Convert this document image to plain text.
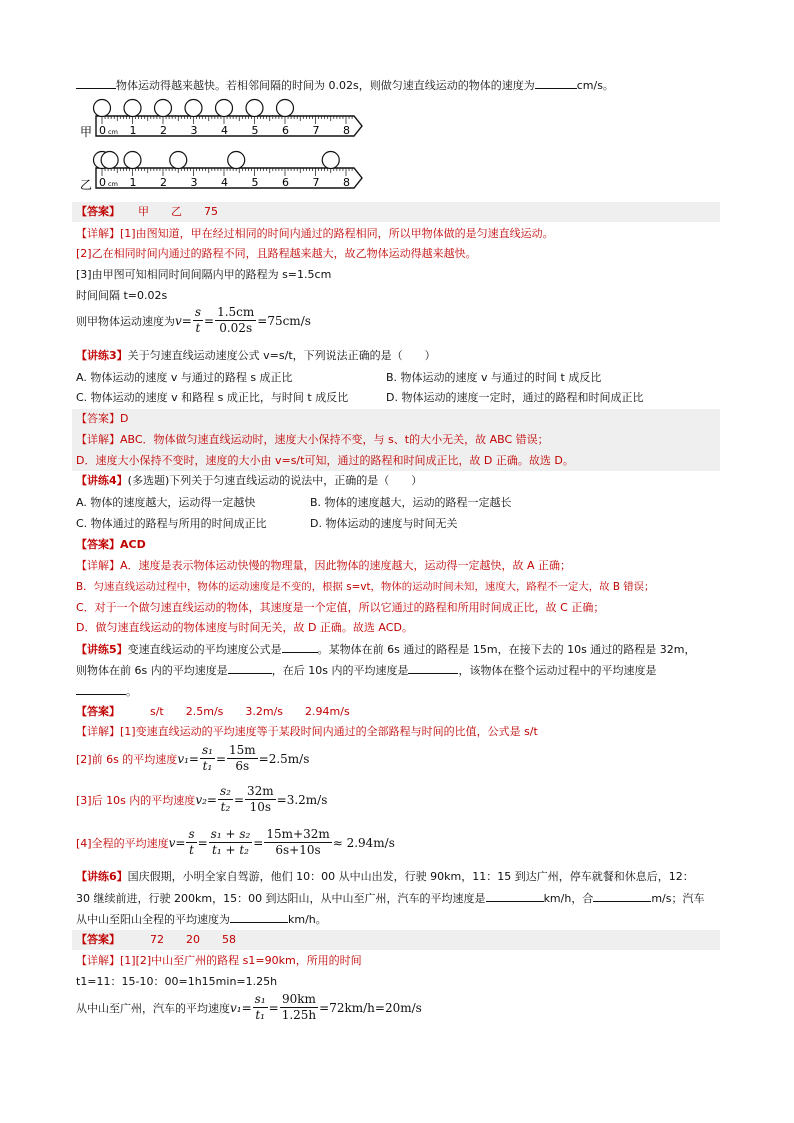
物体运动得越来越快。若相邻间隔的时间为 0.02s，则做匀速直线运动的物体的速度为	cm/s。
甲
乙
0 1 2 3 4 5 6 7 8
cm
0 1 2 3 4 5 6 7 8
cm
【答案】 甲　　乙　　75
【详解】[1]由图知道，甲在经过相同的时间内通过的路程相同，所以甲物体做的是匀速直线运动。
[2]乙在相同时间内通过的路程不同，且路程越来越大，故乙物体运动得越来越快。
[3]由甲图可知相同时间间隔内甲的路程为 s=1.5cm
时间间隔 t=0.02s
则甲物体运动速度为 $v = \frac{s}{t} = \frac{1.5cm}{0.02s} =75cm/s$
【讲练3】关于匀速直线运动速度公式 v=s/t，下列说法正确的是（　　）
A. 物体运动的速度 v 与通过的路程 s 成正比	B. 物体运动的速度 v 与通过的时间 t 成反比
C. 物体运动的速度 v 和路程 s 成正比，与时间 t 成反比	D. 物体运动的速度一定时，通过的路程和时间成正比
【答案】D
【详解】ABC．物体做匀速直线运动时，速度大小保持不变，与 s、t的大小无关，故 ABC 错误；
D．速度大小保持不变时，速度的大小由 v=s/t可知，通过的路程和时间成正比，故 D 正确。故选 D。
【讲练4】(多选题)下列关于匀速直线运动的说法中，正确的是（　　）
A. 物体的速度越大，运动得一定越快	B. 物体的速度越大，运动的路程一定越长
C. 物体通过的路程与所用的时间成正比	D. 物体运动的速度与时间无关
【答案】ACD
【详解】A．速度是表示物体运动快慢的物理量，因此物体的速度越大，运动得一定越快，故 A 正确；
B．匀速直线运动过程中，物体的运动速度是不变的，根据 s=vt，物体的运动时间未知，速度大，路程不一定大，故 B 错误；
C．对于一个做匀速直线运动的物体，其速度是一个定值，所以它通过的路程和所用时间成正比，故 C 正确；
D．做匀速直线运动的物体速度与时间无关，故 D 正确。故选 ACD。
【讲练5】变速直线运动的平均速度公式是	。某物体在前 6s 通过的路程是 15m，在接下去的 10s 通过的路程是 32m，
则物体在前 6s 内的平均速度是	，在后 10s 内的平均速度是	，该物体在整个运动过程中的平均速度是
。
【答案】	s/t　　2.5m/s　　3.2m/s　　2.94m/s
【详解】[1]变速直线运动的平均速度等于某段时间内通过的全部路程与时间的比值，公式是 s/t
[2]前 6s 的平均速度 $v_1 = \frac{\text{s₁}}{\text{t₁}} = \frac{15m}{6s} =2.5m/s$
[3]后 10s 内的平均速度 $v_2 = \frac{\text{s₂}}{\text{t₂}} = \frac{32m}{10s} =3.2m/s$
[4]全程的平均速度 $v = \frac{s}{t} = \frac{\text{s₁ + s₂}}{\text{t₁ + t₂}} = \frac{15m+32m}{6s+10s} \approx 2.94m/s$
【讲练6】国庆假期，小明全家自驾游，他们 10：00 从中山出发，行驶 90km，11：15 到达广州，停车就餐和休息后，12：
30 继续前进，行驶 200km，15：00 到达阳山，从中山至广州，汽车的平均速度是	km/h，合	m/s；汽车
从中山至阳山全程的平均速度为	km/h。
【答案】	72　　20　　58
【详解】[1][2]中山至广州的路程 s1=90km，所用的时间
t1=11：15-10：00=1h15min=1.25h
从中山至广州，汽车的平均速度 $v_1 = \frac{\text{s₁}}{\text{t₁}} = \frac{90km}{1.25h} =72km/h=20m/s$
